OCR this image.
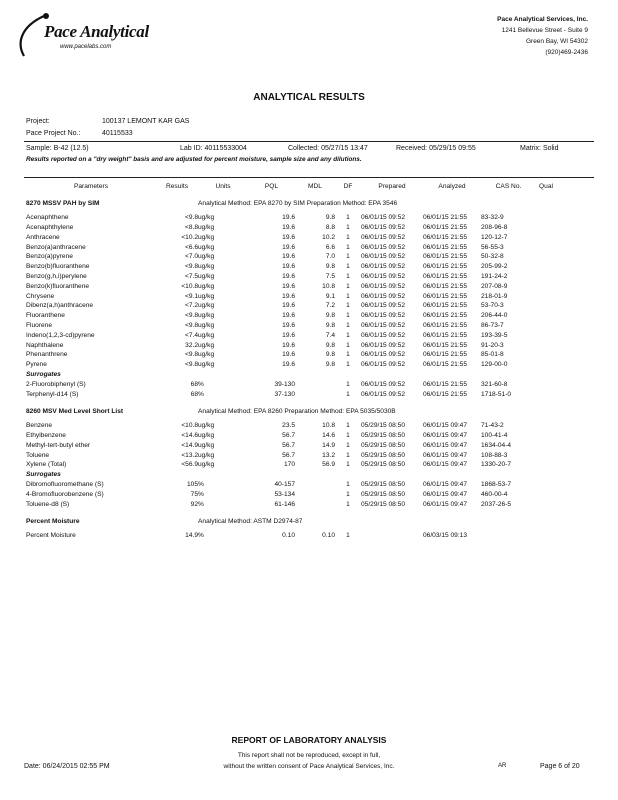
Pace Analytical
www.pacelabs.com
Pace Analytical Services, Inc.
1241 Bellevue Street - Suite 9
Green Bay, WI 54302
(920)469-2436
ANALYTICAL RESULTS
Project:	100137 LEMONT KAR GAS
Pace Project No.:	40115533
Sample: B-42 (12.5)	Lab ID: 40115533004	Collected: 05/27/15 13:47	Received: 05/29/15 09:55	Matrix: Solid
Results reported on a "dry weight" basis and are adjusted for percent moisture, sample size and any dilutions.
Parameters	Results	Units	PQL	MDL	DF	Prepared	Analyzed	CAS No.	Qual

8270 MSSV PAH by SIM		Analytical Method: EPA 8270 by SIM Preparation Method: EPA 3546							

Acenaphthene	<9.8	ug/kg	19.6	9.8	1	06/01/15 09:52	06/01/15 21:55	83-32-9	
Acenaphthylene	<8.8	ug/kg	19.6	8.8	1	06/01/15 09:52	06/01/15 21:55	208-96-8	
Anthracene	<10.2	ug/kg	19.6	10.2	1	06/01/15 09:52	06/01/15 21:55	120-12-7	
Benzo(a)anthracene	<6.6	ug/kg	19.6	6.6	1	06/01/15 09:52	06/01/15 21:55	56-55-3	
Benzo(a)pyrene	<7.0	ug/kg	19.6	7.0	1	06/01/15 09:52	06/01/15 21:55	50-32-8	
Benzo(b)fluoranthene	<9.8	ug/kg	19.6	9.8	1	06/01/15 09:52	06/01/15 21:55	205-99-2	
Benzo(g,h,i)perylene	<7.5	ug/kg	19.6	7.5	1	06/01/15 09:52	06/01/15 21:55	191-24-2	
Benzo(k)fluoranthene	<10.8	ug/kg	19.6	10.8	1	06/01/15 09:52	06/01/15 21:55	207-08-9	
Chrysene	<9.1	ug/kg	19.6	9.1	1	06/01/15 09:52	06/01/15 21:55	218-01-9	
Dibenz(a,h)anthracene	<7.2	ug/kg	19.6	7.2	1	06/01/15 09:52	06/01/15 21:55	53-70-3	
Fluoranthene	<9.8	ug/kg	19.6	9.8	1	06/01/15 09:52	06/01/15 21:55	206-44-0	
Fluorene	<9.8	ug/kg	19.6	9.8	1	06/01/15 09:52	06/01/15 21:55	86-73-7	
Indeno(1,2,3-cd)pyrene	<7.4	ug/kg	19.6	7.4	1	06/01/15 09:52	06/01/15 21:55	193-39-5	
Naphthalene	32.2	ug/kg	19.6	9.8	1	06/01/15 09:52	06/01/15 21:55	91-20-3	
Phenanthrene	<9.8	ug/kg	19.6	9.8	1	06/01/15 09:52	06/01/15 21:55	85-01-8	
Pyrene	<9.8	ug/kg	19.6	9.8	1	06/01/15 09:52	06/01/15 21:55	129-00-0	
Surrogates									
2-Fluorobiphenyl (S)	68	%	39-130		1	06/01/15 09:52	06/01/15 21:55	321-60-8	
Terphenyl-d14 (S)	68	%	37-130		1	06/01/15 09:52	06/01/15 21:55	1718-51-0	

8260 MSV Med Level Short List		Analytical Method: EPA 8260 Preparation Method: EPA 5035/5030B							

Benzene	<10.8	ug/kg	23.5	10.8	1	05/29/15 08:50	06/01/15 09:47	71-43-2	
Ethylbenzene	<14.6	ug/kg	56.7	14.6	1	05/29/15 08:50	06/01/15 09:47	100-41-4	
Methyl-tert-butyl ether	<14.9	ug/kg	56.7	14.9	1	05/29/15 08:50	06/01/15 09:47	1634-04-4	
Toluene	<13.2	ug/kg	56.7	13.2	1	05/29/15 08:50	06/01/15 09:47	108-88-3	
Xylene (Total)	<56.9	ug/kg	170	56.9	1	05/29/15 08:50	06/01/15 09:47	1330-20-7	
Surrogates									
Dibromofluoromethane (S)	105	%	40-157		1	05/29/15 08:50	06/01/15 09:47	1868-53-7	
4-Bromofluorobenzene (S)	75	%	53-134		1	05/29/15 08:50	06/01/15 09:47	460-00-4	
Toluene-d8 (S)	92	%	61-146		1	05/29/15 08:50	06/01/15 09:47	2037-26-5	

Percent Moisture		Analytical Method: ASTM D2974-87							

Percent Moisture	14.9	%	0.10	0.10	1		06/03/15 09:13		
REPORT OF LABORATORY ANALYSIS
This report shall not be reproduced, except in full,
without the written consent of Pace Analytical Services, Inc.
Date: 06/24/2015 02:55 PM	AR	Page 6 of 20
